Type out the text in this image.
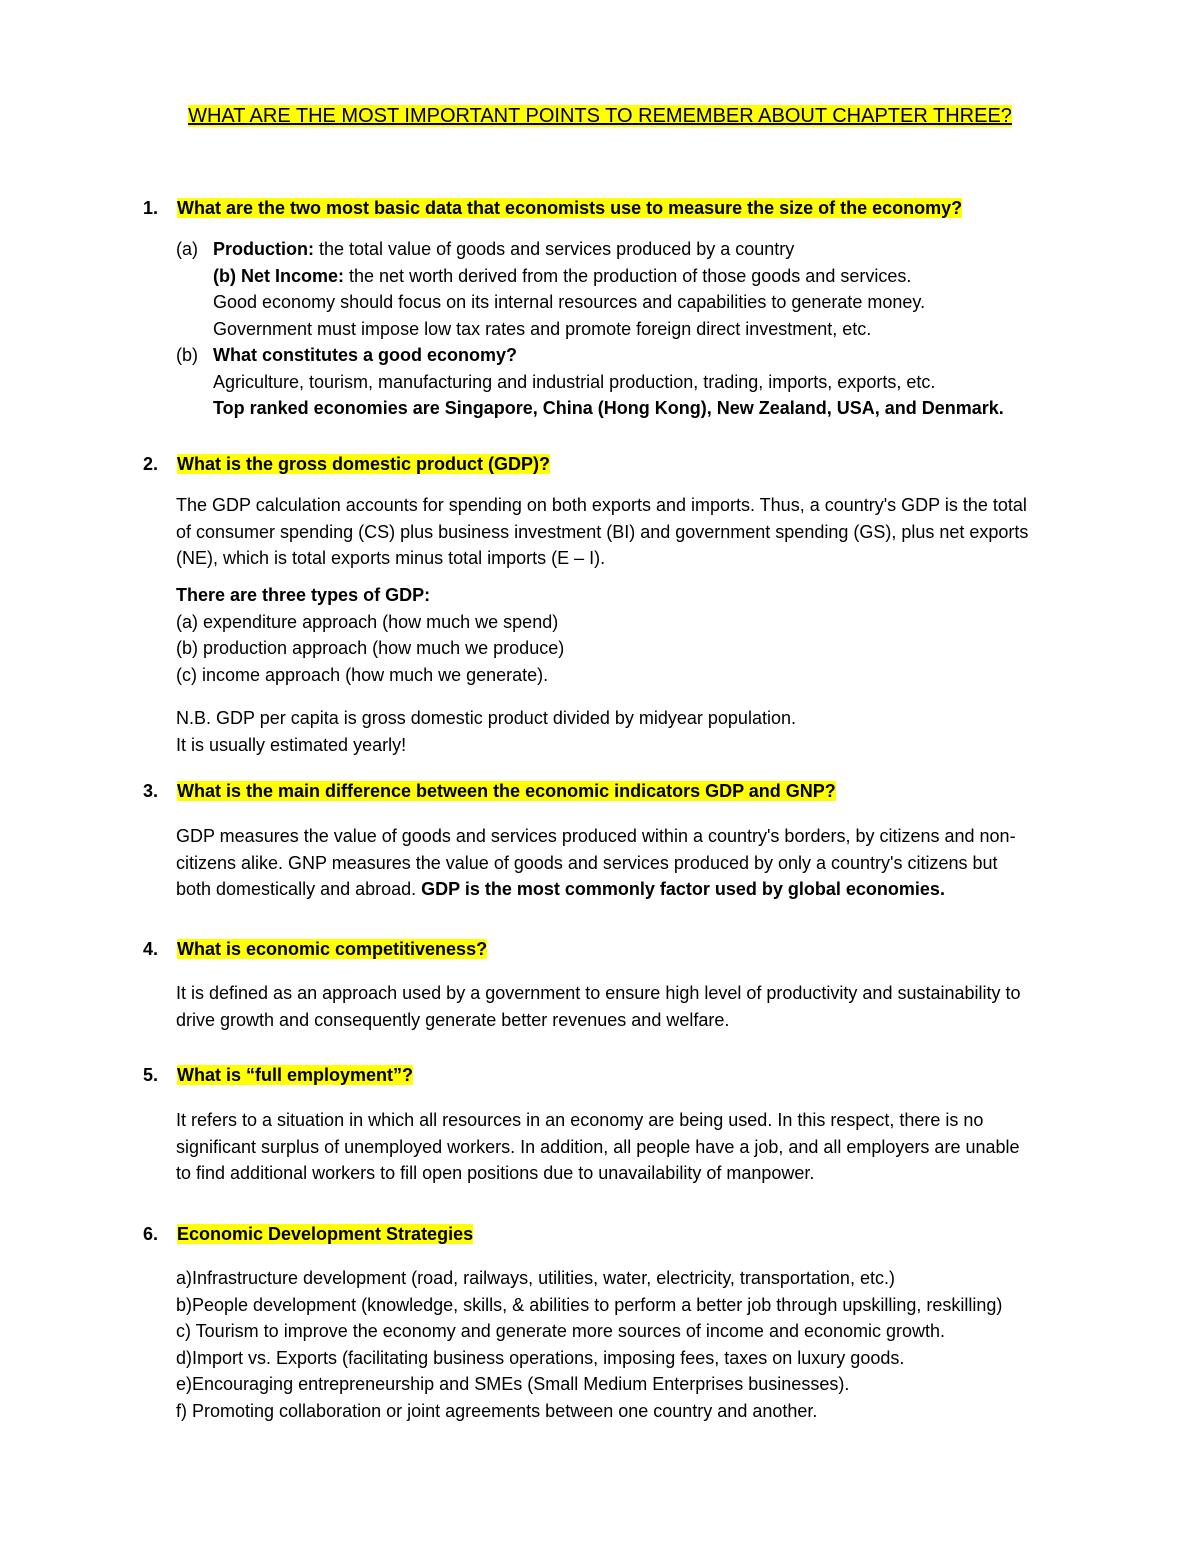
WHAT ARE THE MOST IMPORTANT POINTS TO REMEMBER ABOUT CHAPTER THREE?
1. What are the two most basic data that economists use to measure the size of the economy?
(a) Production: the total value of goods and services produced by a country
(b) Net Income: the net worth derived from the production of those goods and services.
Good economy should focus on its internal resources and capabilities to generate money.
Government must impose low tax rates and promote foreign direct investment, etc.
(b) What constitutes a good economy?
Agriculture, tourism, manufacturing and industrial production, trading, imports, exports, etc.
Top ranked economies are Singapore, China (Hong Kong), New Zealand, USA, and Denmark.
2. What is the gross domestic product (GDP)?
The GDP calculation accounts for spending on both exports and imports. Thus, a country's GDP is the total
of consumer spending (CS) plus business investment (BI) and government spending (GS), plus net exports
(NE), which is total exports minus total imports (E – I).
There are three types of GDP:
(a) expenditure approach (how much we spend)
(b) production approach (how much we produce)
(c) income approach (how much we generate).
N.B. GDP per capita is gross domestic product divided by midyear population.
It is usually estimated yearly!
3. What is the main difference between the economic indicators GDP and GNP?
GDP measures the value of goods and services produced within a country's borders, by citizens and non-
citizens alike. GNP measures the value of goods and services produced by only a country's citizens but
both domestically and abroad. GDP is the most commonly factor used by global economies.
4. What is economic competitiveness?
It is defined as an approach used by a government to ensure high level of productivity and sustainability to
drive growth and consequently generate better revenues and welfare.
5. What is “full employment”?
It refers to a situation in which all resources in an economy are being used. In this respect, there is no
significant surplus of unemployed workers. In addition, all people have a job, and all employers are unable
to find additional workers to fill open positions due to unavailability of manpower.
6. Economic Development Strategies
a)Infrastructure development (road, railways, utilities, water, electricity, transportation, etc.)
b)People development (knowledge, skills, & abilities to perform a better job through upskilling, reskilling)
c) Tourism to improve the economy and generate more sources of income and economic growth.
d)Import vs. Exports (facilitating business operations, imposing fees, taxes on luxury goods.
e)Encouraging entrepreneurship and SMEs (Small Medium Enterprises businesses).
f) Promoting collaboration or joint agreements between one country and another.
